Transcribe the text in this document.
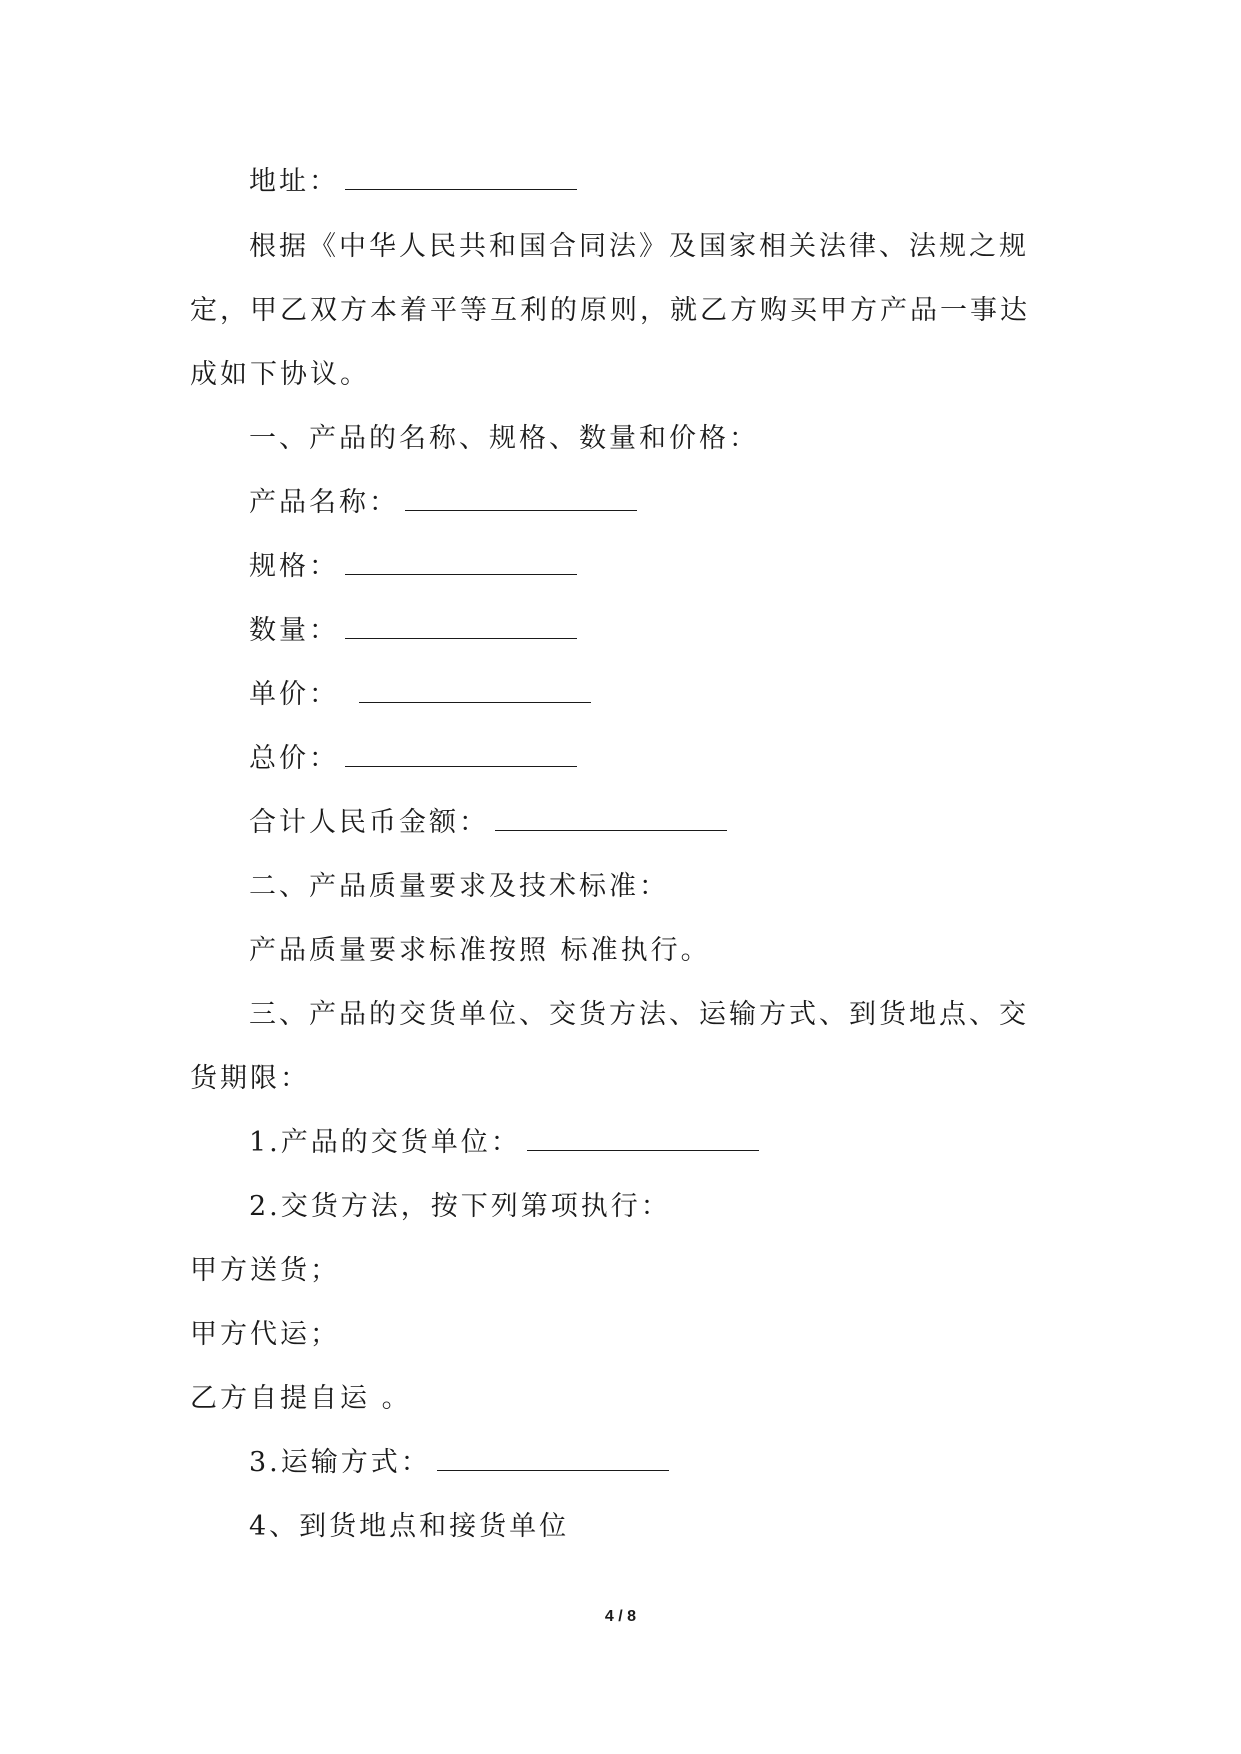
地址：
根据《中华人民共和国合同法》及国家相关法律、法规之规
定，甲乙双方本着平等互利的原则，就乙方购买甲方产品一事达
成如下协议。
一、产品的名称、规格、数量和价格：
产品名称：
规格：
数量：
单价：
总价：
合计人民币金额：
二、产品质量要求及技术标准：
产品质量要求标准按照 标准执行。
三、产品的交货单位、交货方法、运输方式、到货地点、交
货期限：
1.产品的交货单位：
2.交货方法，按下列第项执行：
甲方送货；
甲方代运；
乙方自提自运 。
3.运输方式：
4、到货地点和接货单位
4 / 8
